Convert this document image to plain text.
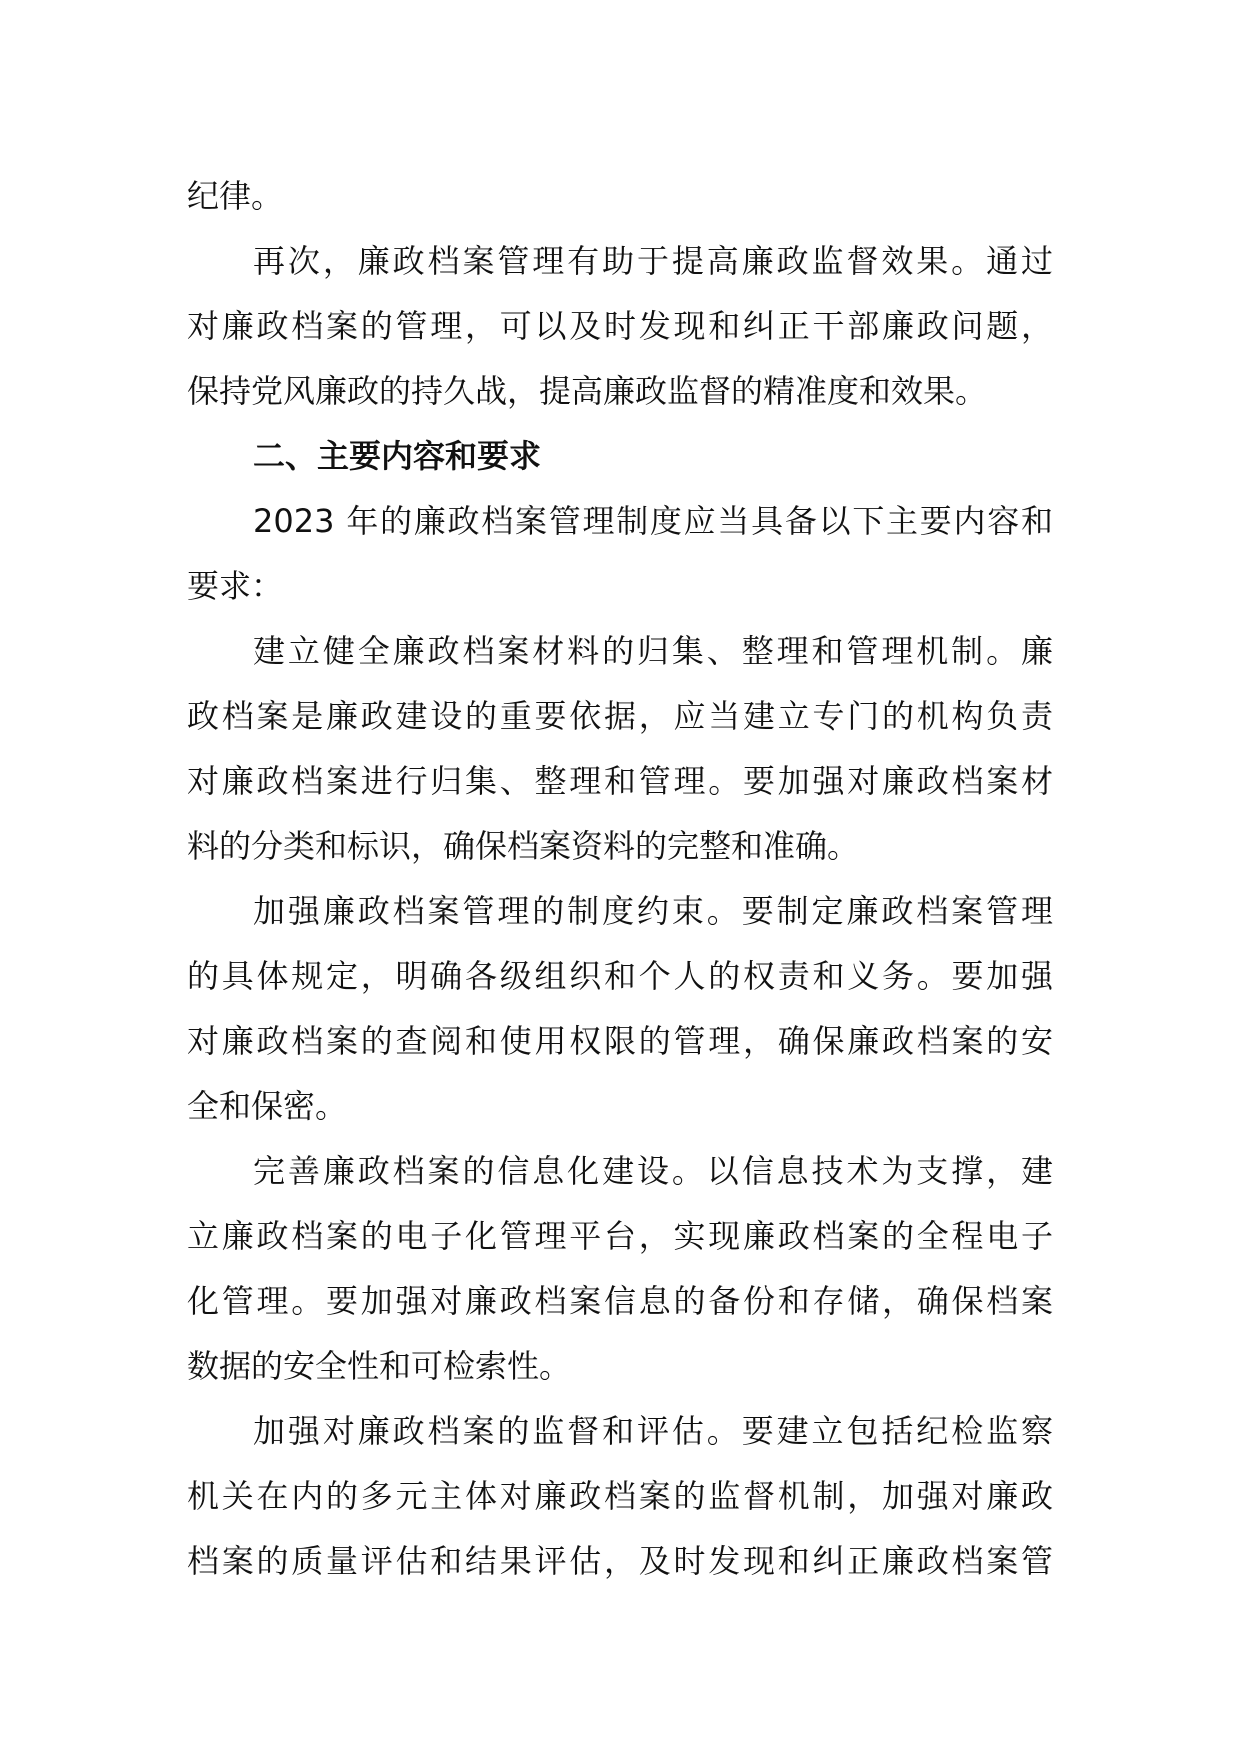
纪律。

再次，廉政档案管理有助于提高廉政监督效果。通过
对廉政档案的管理，可以及时发现和纠正干部廉政问题，
保持党风廉政的持久战，提高廉政监督的精准度和效果。

二、主要内容和要求

2023 年的廉政档案管理制度应当具备以下主要内容和
要求：

建立健全廉政档案材料的归集、整理和管理机制。廉
政档案是廉政建设的重要依据，应当建立专门的机构负责
对廉政档案进行归集、整理和管理。要加强对廉政档案材
料的分类和标识，确保档案资料的完整和准确。

加强廉政档案管理的制度约束。要制定廉政档案管理
的具体规定，明确各级组织和个人的权责和义务。要加强
对廉政档案的查阅和使用权限的管理，确保廉政档案的安
全和保密。

完善廉政档案的信息化建设。以信息技术为支撑，建
立廉政档案的电子化管理平台，实现廉政档案的全程电子
化管理。要加强对廉政档案信息的备份和存储，确保档案
数据的安全性和可检索性。

加强对廉政档案的监督和评估。要建立包括纪检监察
机关在内的多元主体对廉政档案的监督机制，加强对廉政
档案的质量评估和结果评估，及时发现和纠正廉政档案管
